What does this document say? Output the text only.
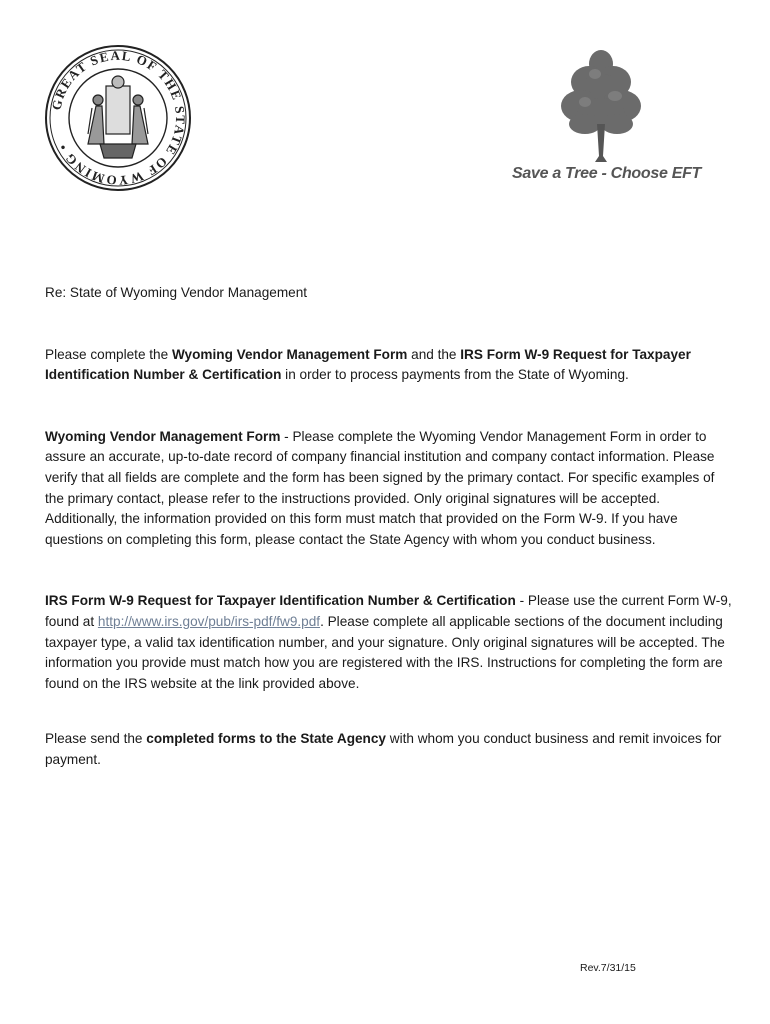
GREAT SEAL OF THE STATE OF WYOMING •
Save a Tree - Choose EFT

Re: State of Wyoming Vendor Management

Please complete the Wyoming Vendor Management Form and the IRS Form W-9 Request for Taxpayer Identification Number & Certification in order to process payments from the State of Wyoming.

Wyoming Vendor Management Form - Please complete the Wyoming Vendor Management Form in order to assure an accurate, up-to-date record of company financial institution and company contact information. Please verify that all fields are complete and the form has been signed by the primary contact. For specific examples of the primary contact, please refer to the instructions provided. Only original signatures will be accepted. Additionally, the information provided on this form must match that provided on the Form W-9. If you have questions on completing this form, please contact the State Agency with whom you conduct business.

IRS Form W-9 Request for Taxpayer Identification Number & Certification - Please use the current Form W-9, found at http://www.irs.gov/pub/irs-pdf/fw9.pdf. Please complete all applicable sections of the document including taxpayer type, a valid tax identification number, and your signature. Only original signatures will be accepted. The information you provide must match how you are registered with the IRS. Instructions for completing the form are found on the IRS website at the link provided above.

Please send the completed forms to the State Agency with whom you conduct business and remit invoices for payment.

Rev.7/31/15
